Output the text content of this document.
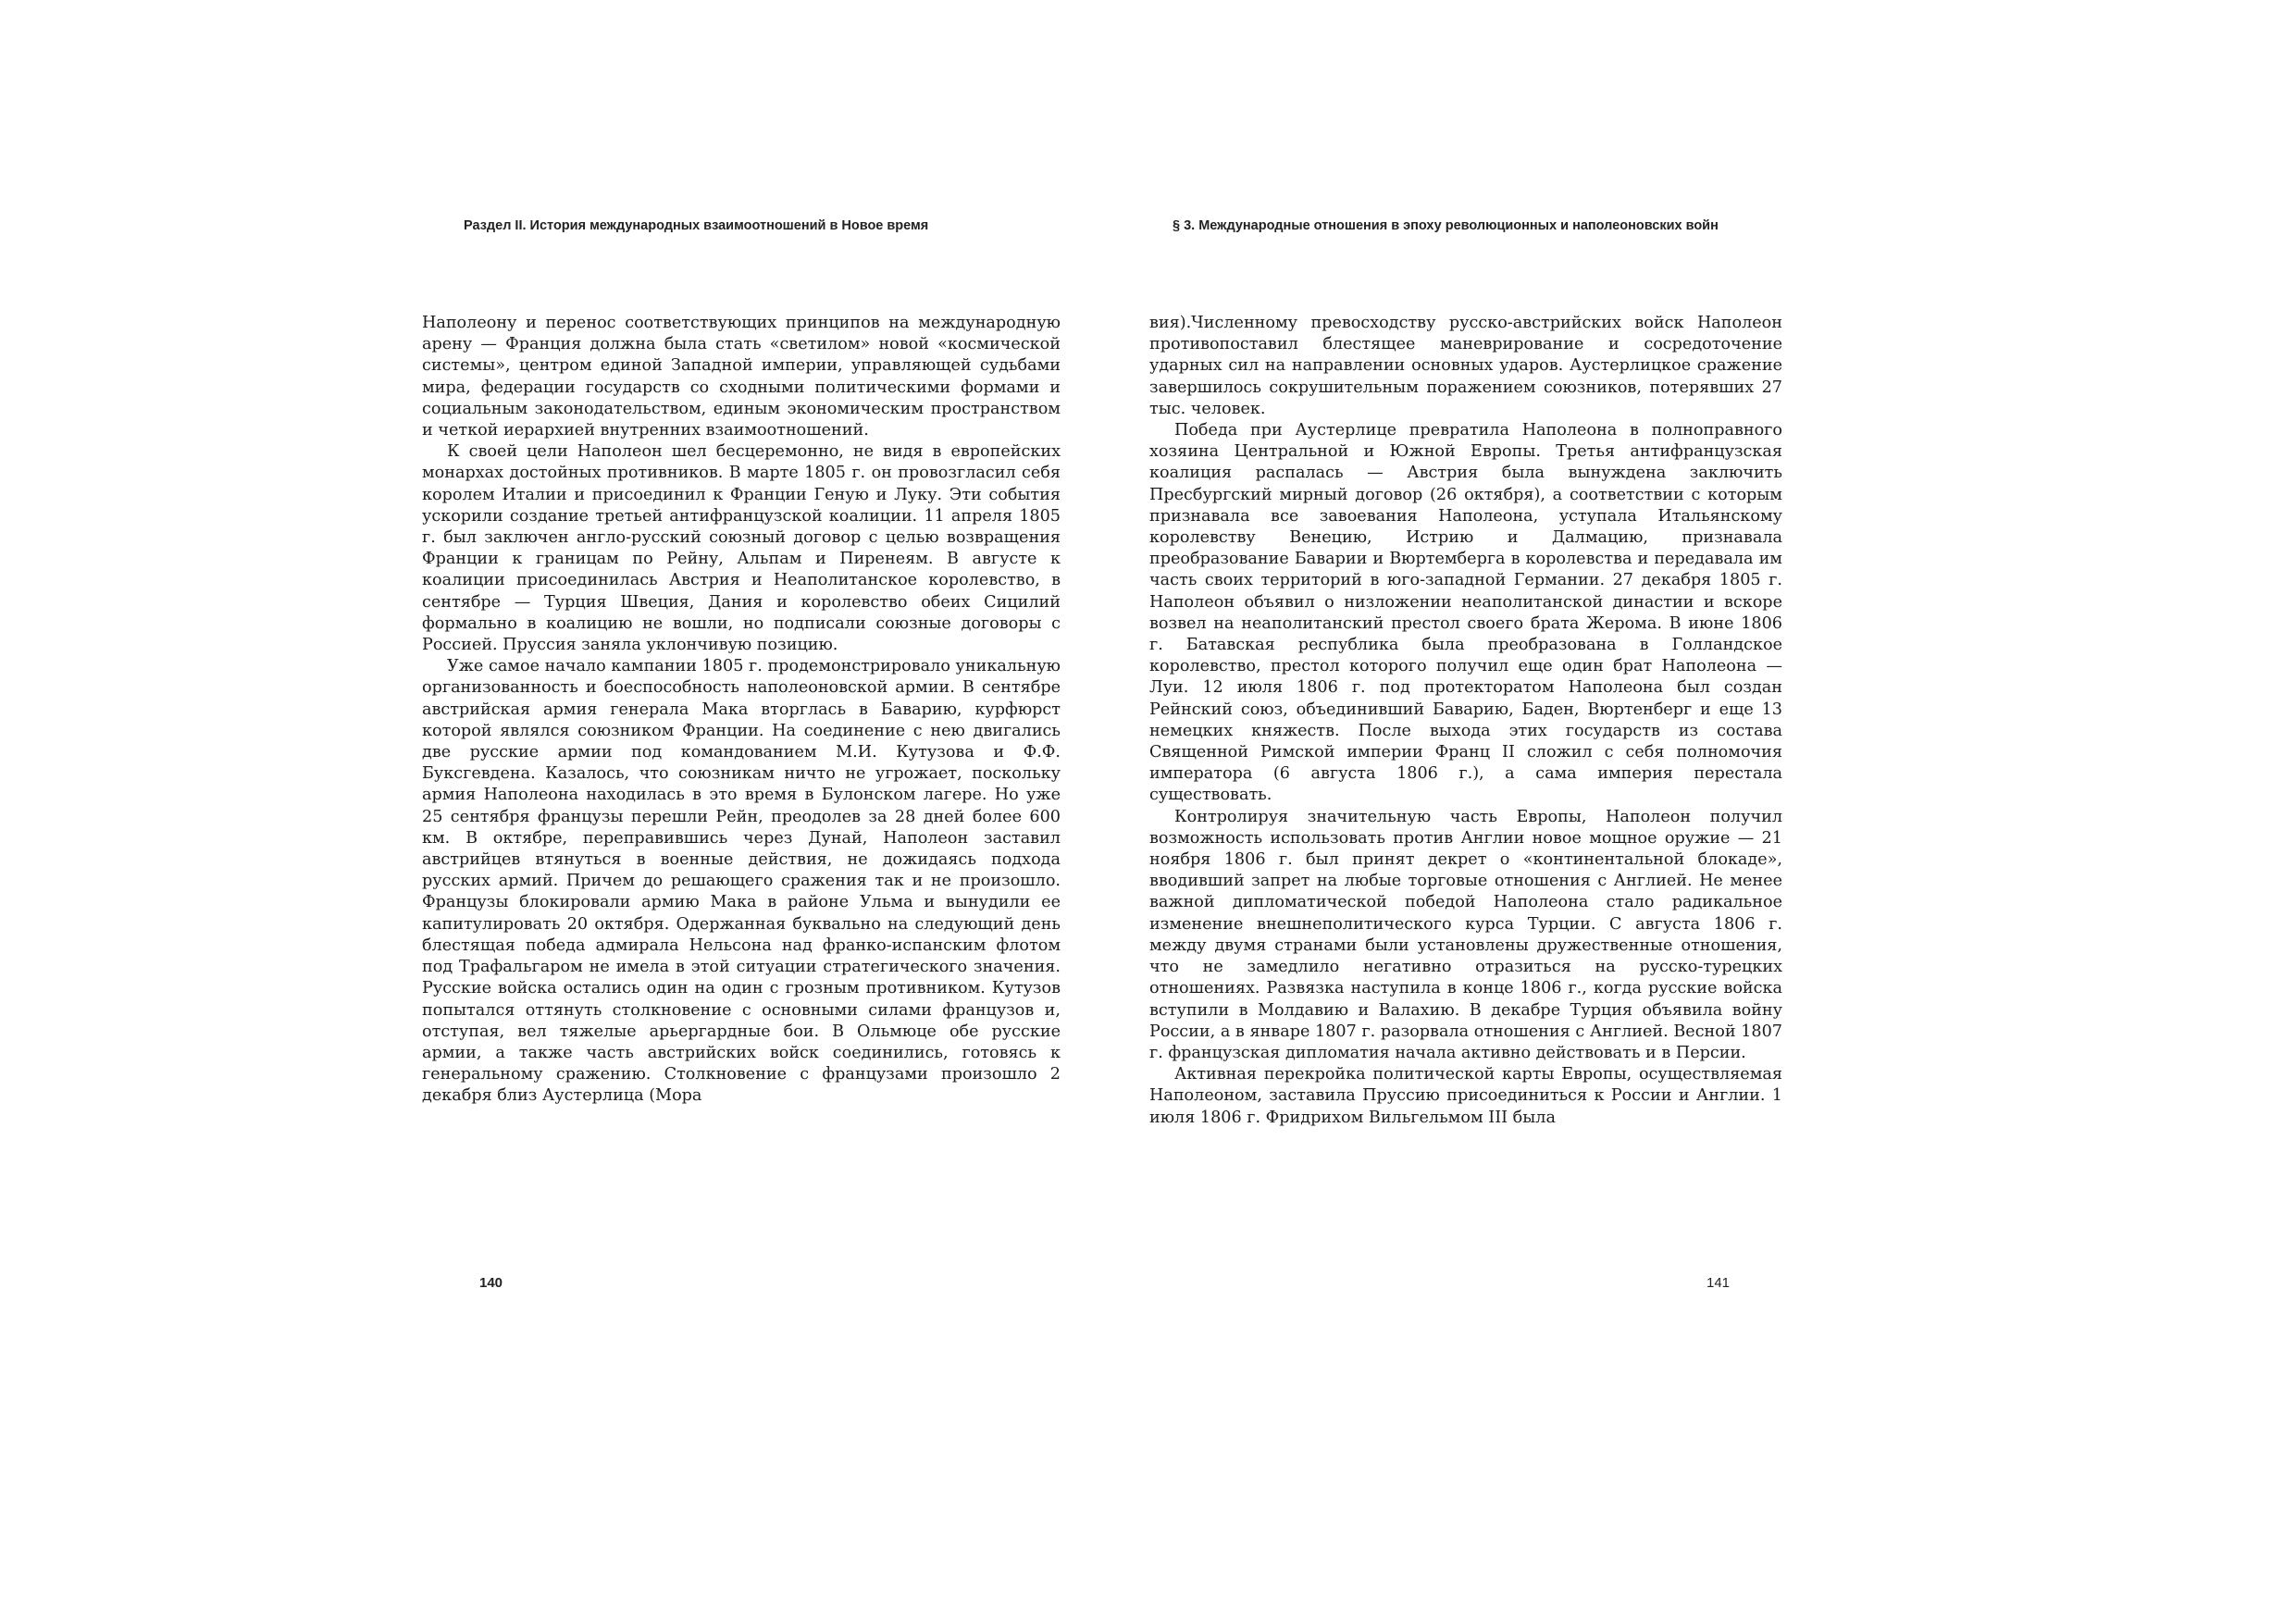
Раздел II. История международных взаимоотношений в Новое время

Наполеону и перенос соответствующих принципов на международную арену — Франция должна была стать «светилом» новой «космической системы», центром единой Западной империи, управляющей судьбами мира, федерации государств со сходными политическими формами и социальным законодательством, единым экономическим пространством и четкой иерархией внутренних взаимоотношений.

К своей цели Наполеон шел бесцеремонно, не видя в европейских монархах достойных противников. В марте 1805 г. он провозгласил себя королем Италии и присоединил к Франции Геную и Луку. Эти события ускорили создание третьей антифранцузской коалиции. 11 апреля 1805 г. был заключен англо-русский союзный договор с целью возвращения Франции к границам по Рейну, Альпам и Пиренеям. В августе к коалиции присоединилась Австрия и Неаполитанское королевство, в сентябре — Турция Швеция, Дания и королевство обеих Сицилий формально в коалицию не вошли, но подписали союзные договоры с Россией. Пруссия заняла уклончивую позицию.

Уже самое начало кампании 1805 г. продемонстрировало уникальную организованность и боеспособность наполеоновской армии. В сентябре австрийская армия генерала Мака вторглась в Баварию, курфюрст которой являлся союзником Франции. На соединение с нею двигались две русские армии под командованием М.И. Кутузова и Ф.Ф. Буксгевдена. Казалось, что союзникам ничто не угрожает, поскольку армия Наполеона находилась в это время в Булонском лагере. Но уже 25 сентября французы перешли Рейн, преодолев за 28 дней более 600 км. В октябре, переправившись через Дунай, Наполеон заставил австрийцев втянуться в военные действия, не дожидаясь подхода русских армий. Причем до решающего сражения так и не произошло. Французы блокировали армию Мака в районе Ульма и вынудили ее капитулировать 20 октября. Одержанная буквально на следующий день блестящая победа адмирала Нельсона над франко-испанским флотом под Трафальгаром не имела в этой ситуации стратегического значения. Русские войска остались один на один с грозным противником. Кутузов попытался оттянуть столкновение с основными силами французов и, отступая, вел тяжелые арьергардные бои. В Ольмюце обе русские армии, а также часть австрийских войск соединились, готовясь к генеральному сражению. Столкновение с французами произошло 2 декабря близ Аустерлица (Мора

140
§ 3. Международные отношения в эпоху революционных и наполеоновских войн

вия).Численному превосходству русско-австрийских войск Наполеон противопоставил блестящее маневрирование и сосредоточение ударных сил на направлении основных ударов. Аустерлицкое сражение завершилось сокрушительным поражением союзников, потерявших 27 тыс. человек.

Победа при Аустерлице превратила Наполеона в полноправного хозяина Центральной и Южной Европы. Третья антифранцузская коалиция распалась — Австрия была вынуждена заключить Пресбургский мирный договор (26 октября), а соответствии с которым признавала все завоевания Наполеона, уступала Итальянскому королевству Венецию, Истрию и Далмацию, признавала преобразование Баварии и Вюртемберга в королевства и передавала им часть своих территорий в юго-западной Германии. 27 декабря 1805 г. Наполеон объявил о низложении неаполитанской династии и вскоре возвел на неаполитанский престол своего брата Жерома. В июне 1806 г. Батавская республика была преобразована в Голландское королевство, престол которого получил еще один брат Наполеона — Луи. 12 июля 1806 г. под протекторатом Наполеона был создан Рейнский союз, объединивший Баварию, Баден, Вюртенберг и еще 13 немецких княжеств. После выхода этих государств из состава Священной Римской империи Франц II сложил с себя полномочия императора (6 августа 1806 г.), а сама империя перестала существовать.

Контролируя значительную часть Европы, Наполеон получил возможность использовать против Англии новое мощное оружие — 21 ноября 1806 г. был принят декрет о «континентальной блокаде», вводивший запрет на любые торговые отношения с Англией. Не менее важной дипломатической победой Наполеона стало радикальное изменение внешнеполитического курса Турции. С августа 1806 г. между двумя странами были установлены дружественные отношения, что не замедлило негативно отразиться на русско-турецких отношениях. Развязка наступила в конце 1806 г., когда русские войска вступили в Молдавию и Валахию. В декабре Турция объявила войну России, а в январе 1807 г. разорвала отношения с Англией. Весной 1807 г. французская дипломатия начала активно действовать и в Персии.

Активная перекройка политической карты Европы, осуществляемая Наполеоном, заставила Пруссию присоединиться к России и Англии. 1 июля 1806 г. Фридрихом Вильгельмом III была

141
